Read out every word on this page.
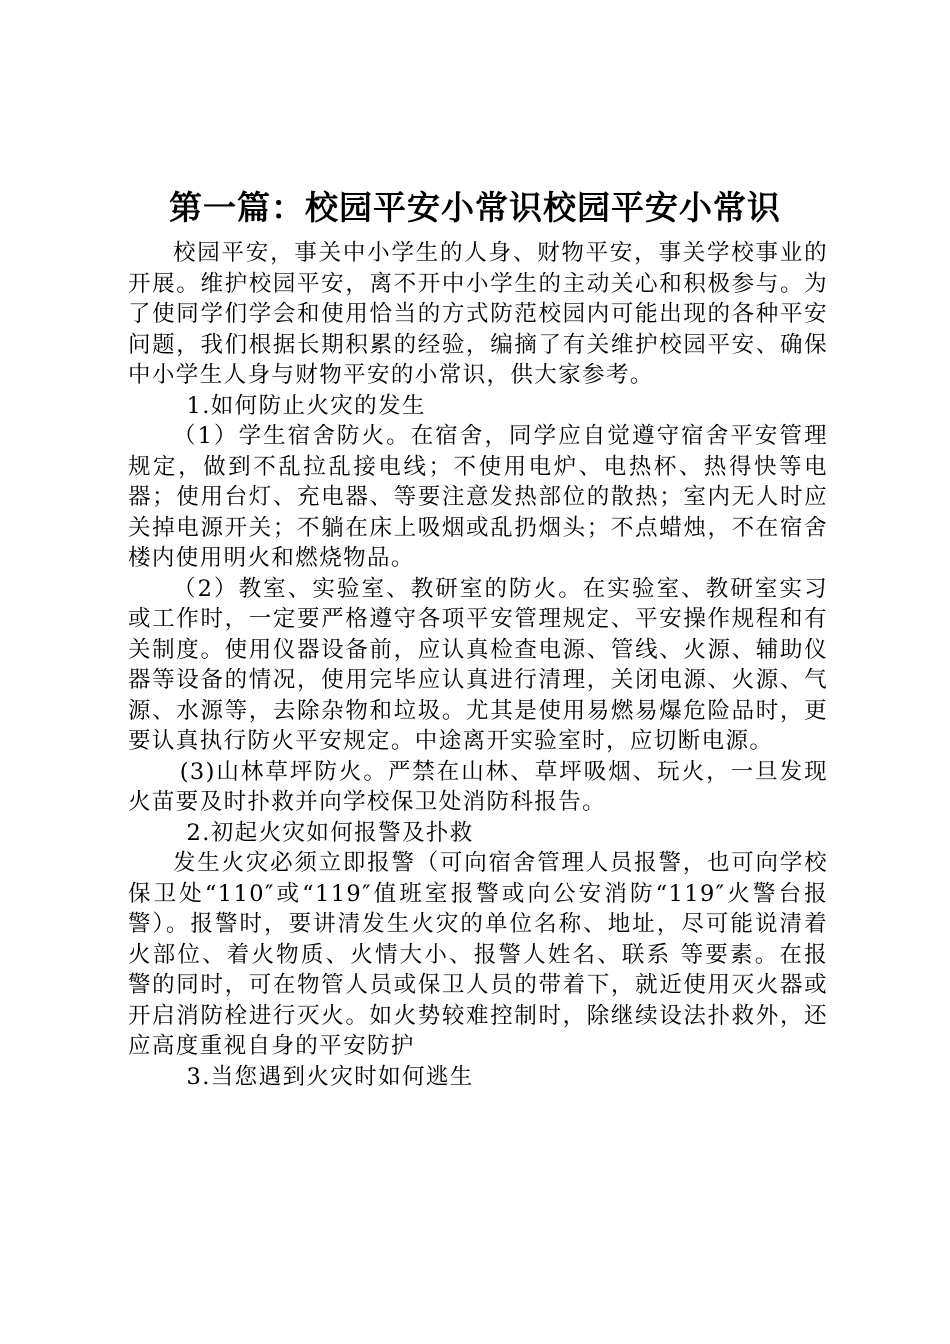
第一篇：校园平安小常识校园平安小常识

校园平安，事关中小学生的人身、财物平安，事关学校事业的开展。维护校园平安，离不开中小学生的主动关心和积极参与。为了使同学们学会和使用恰当的方式防范校园内可能出现的各种平安问题，我们根据长期积累的经验，编摘了有关维护校园平安、确保中小学生人身与财物平安的小常识，供大家参考。

1.如何防止火灾的发生

（1）学生宿舍防火。在宿舍，同学应自觉遵守宿舍平安管理规定，做到不乱拉乱接电线；不使用电炉、电热杯、热得快等电器；使用台灯、充电器、等要注意发热部位的散热；室内无人时应关掉电源开关；不躺在床上吸烟或乱扔烟头；不点蜡烛，不在宿舍楼内使用明火和燃烧物品。

（2）教室、实验室、教研室的防火。在实验室、教研室实习或工作时，一定要严格遵守各项平安管理规定、平安操作规程和有关制度。使用仪器设备前，应认真检查电源、管线、火源、辅助仪器等设备的情况，使用完毕应认真进行清理，关闭电源、火源、气源、水源等，去除杂物和垃圾。尤其是使用易燃易爆危险品时，更要认真执行防火平安规定。中途离开实验室时，应切断电源。

(3)山林草坪防火。严禁在山林、草坪吸烟、玩火，一旦发现火苗要及时扑救并向学校保卫处消防科报告。

2.初起火灾如何报警及扑救

发生火灾必须立即报警（可向宿舍管理人员报警，也可向学校保卫处“110″或“119″值班室报警或向公安消防“119″火警台报警）。报警时，要讲清发生火灾的单位名称、地址，尽可能说清着火部位、着火物质、火情大小、报警人姓名、联系 等要素。在报警的同时，可在物管人员或保卫人员的带着下，就近使用灭火器或开启消防栓进行灭火。如火势较难控制时，除继续设法扑救外，还应高度重视自身的平安防护

3.当您遇到火灾时如何逃生
